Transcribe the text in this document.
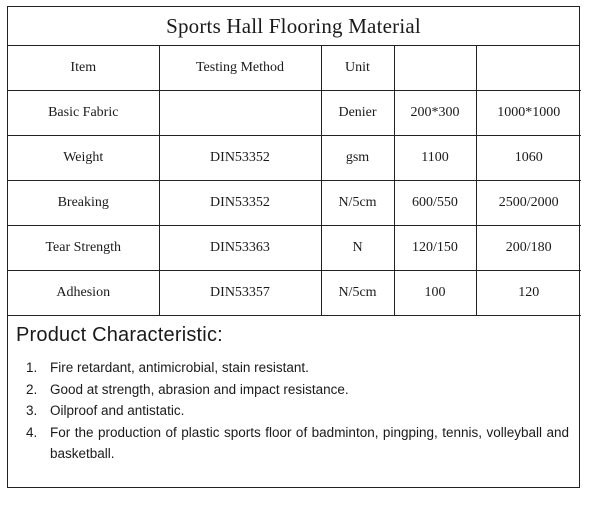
Sports Hall Flooring Material
Item	Testing Method	Unit		
Basic Fabric		Denier	200*300	1000*1000
Weight	DIN53352	gsm	1100	1060
Breaking	DIN53352	N/5cm	600/550	2500/2000
Tear Strength	DIN53363	N	120/150	200/180
Adhesion	DIN53357	N/5cm	100	120
Product Characteristic:
1. Fire retardant, antimicrobial, stain resistant.
2. Good at strength, abrasion and impact resistance.
3. Oilproof and antistatic.
4. For the production of plastic sports floor of badminton, pingping, tennis, volleyball and basketball.
